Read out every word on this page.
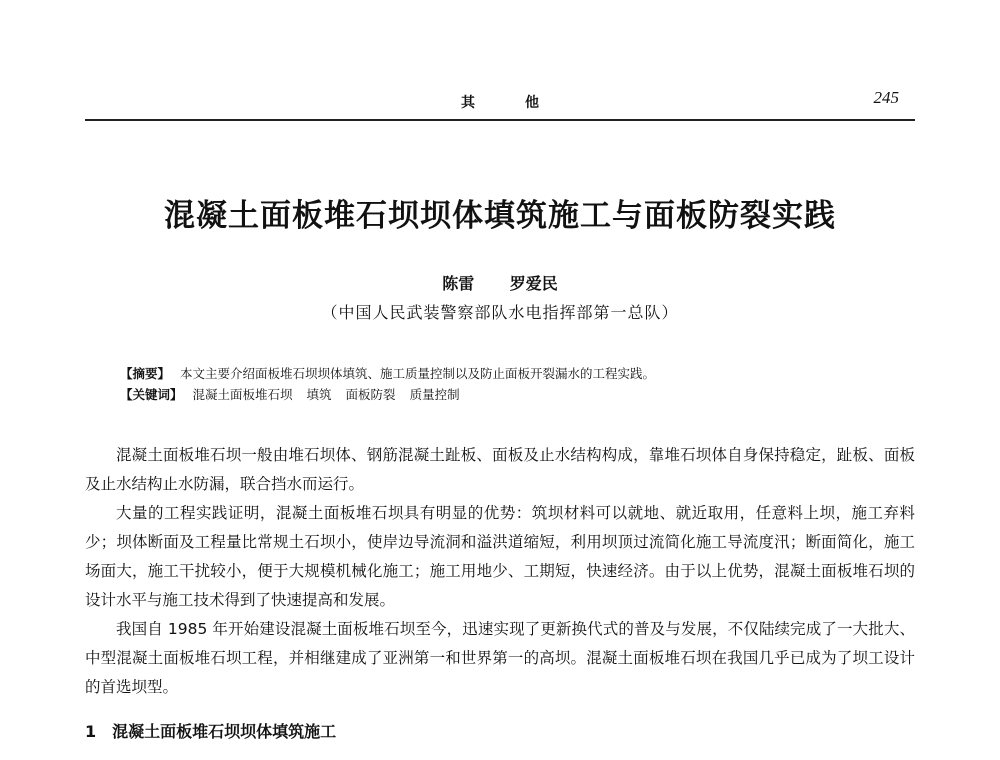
其他	245
混凝土面板堆石坝坝体填筑施工与面板防裂实践
陈雷 罗爱民
（中国人民武装警察部队水电指挥部第一总队）
【摘要】 本文主要介绍面板堆石坝坝体填筑、施工质量控制以及防止面板开裂漏水的工程实践。
【关键词】 混凝土面板堆石坝 填筑 面板防裂 质量控制

混凝土面板堆石坝一般由堆石坝体、钢筋混凝土趾板、面板及止水结构构成，靠堆石坝体自身保持稳定，趾板、面板及止水结构止水防漏，联合挡水而运行。

大量的工程实践证明，混凝土面板堆石坝具有明显的优势：筑坝材料可以就地、就近取用，任意料上坝，施工弃料少；坝体断面及工程量比常规土石坝小，使岸边导流洞和溢洪道缩短，利用坝顶过流简化施工导流度汛；断面简化，施工场面大，施工干扰较小，便于大规模机械化施工；施工用地少、工期短，快速经济。由于以上优势，混凝土面板堆石坝的设计水平与施工技术得到了快速提高和发展。

我国自 1985 年开始建设混凝土面板堆石坝至今，迅速实现了更新换代式的普及与发展，不仅陆续完成了一大批大、中型混凝土面板堆石坝工程，并相继建成了亚洲第一和世界第一的高坝。混凝土面板堆石坝在我国几乎已成为了坝工设计的首选坝型。

1 混凝土面板堆石坝坝体填筑施工
